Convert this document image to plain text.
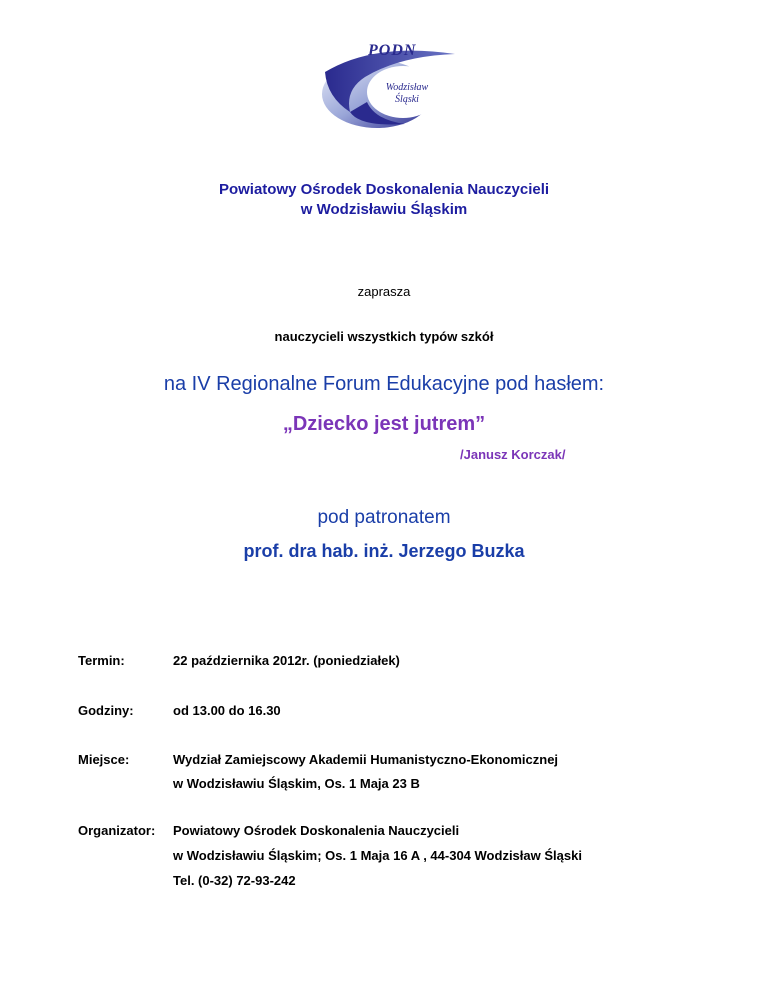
PODN
Wodzisław
Śląski
Powiatowy Ośrodek Doskonalenia Nauczycieli
w Wodzisławiu Śląskim
zaprasza
nauczycieli wszystkich typów szkół
na IV Regionalne Forum Edukacyjne pod hasłem:
„Dziecko jest jutrem”
/Janusz Korczak/
pod patronatem
prof. dra hab. inż. Jerzego Buzka
Termin:	22 października 2012r. (poniedziałek)
Godziny:	od 13.00 do 16.30
Miejsce:	Wydział Zamiejscowy Akademii Humanistyczno-Ekonomicznej
w Wodzisławiu Śląskim, Os. 1 Maja 23 B
Organizator: Powiatowy Ośrodek Doskonalenia Nauczycieli
w Wodzisławiu Śląskim; Os. 1 Maja 16 A , 44-304 Wodzisław Śląski
Tel. (0-32) 72-93-242
